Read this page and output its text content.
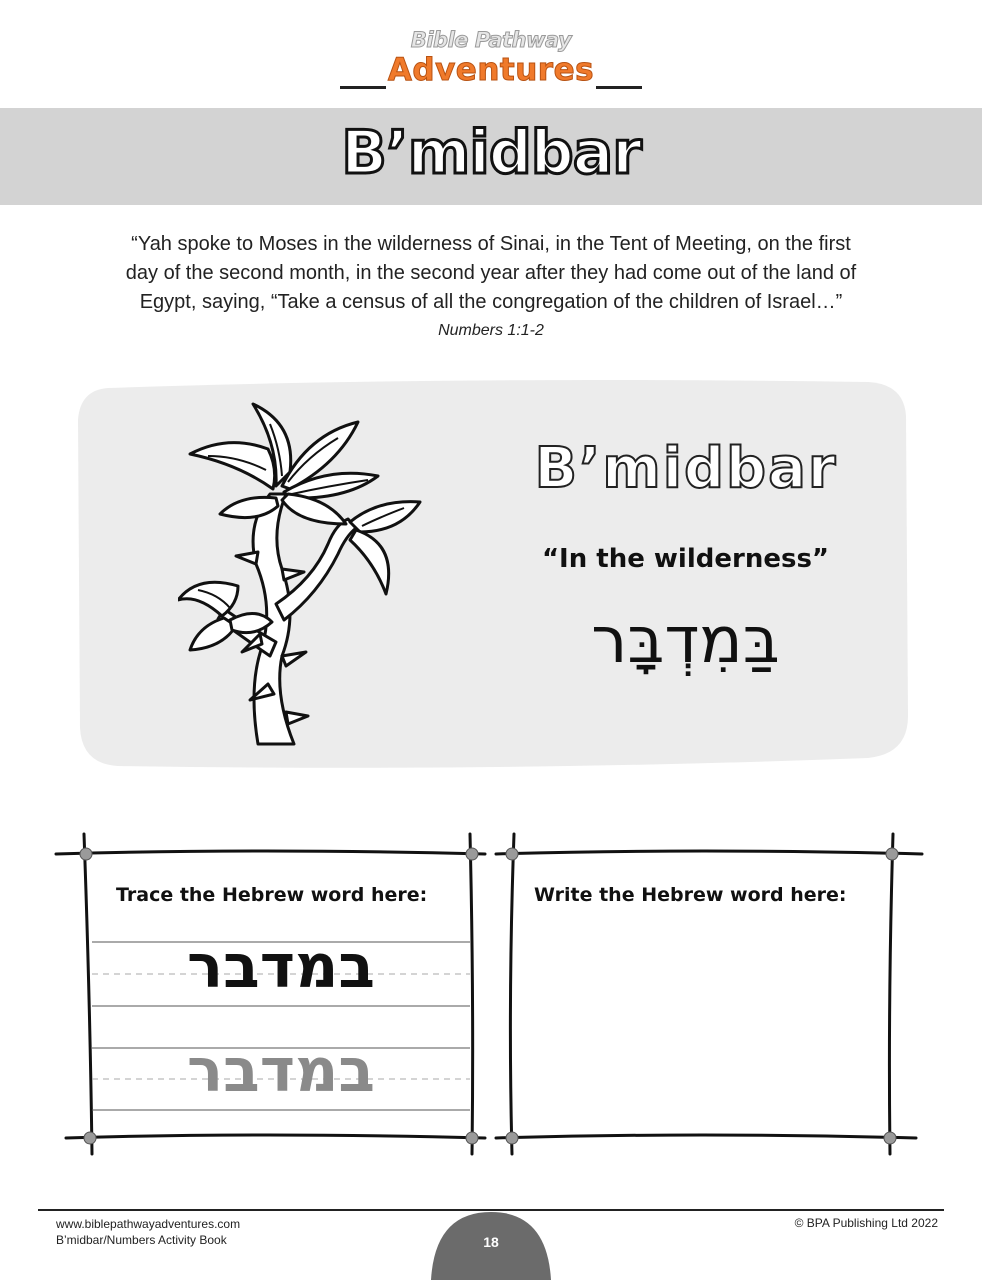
Bible Pathway
Adventures
B’midbar
“Yah spoke to Moses in the wilderness of Sinai, in the Tent of Meeting, on the first
day of the second month, in the second year after they had come out of the land of
Egypt, saying, “Take a census of all the congregation of the children of Israel…”
Numbers 1:1-2
B’midbar
“In the wilderness”
בַּמִדְבָּר
Trace the Hebrew word here:	Write the Hebrew word here:
במדבר
במדבר
www.biblepathwayadventures.com
B’midbar/Numbers Activity Book
© BPA Publishing Ltd 2022
18
